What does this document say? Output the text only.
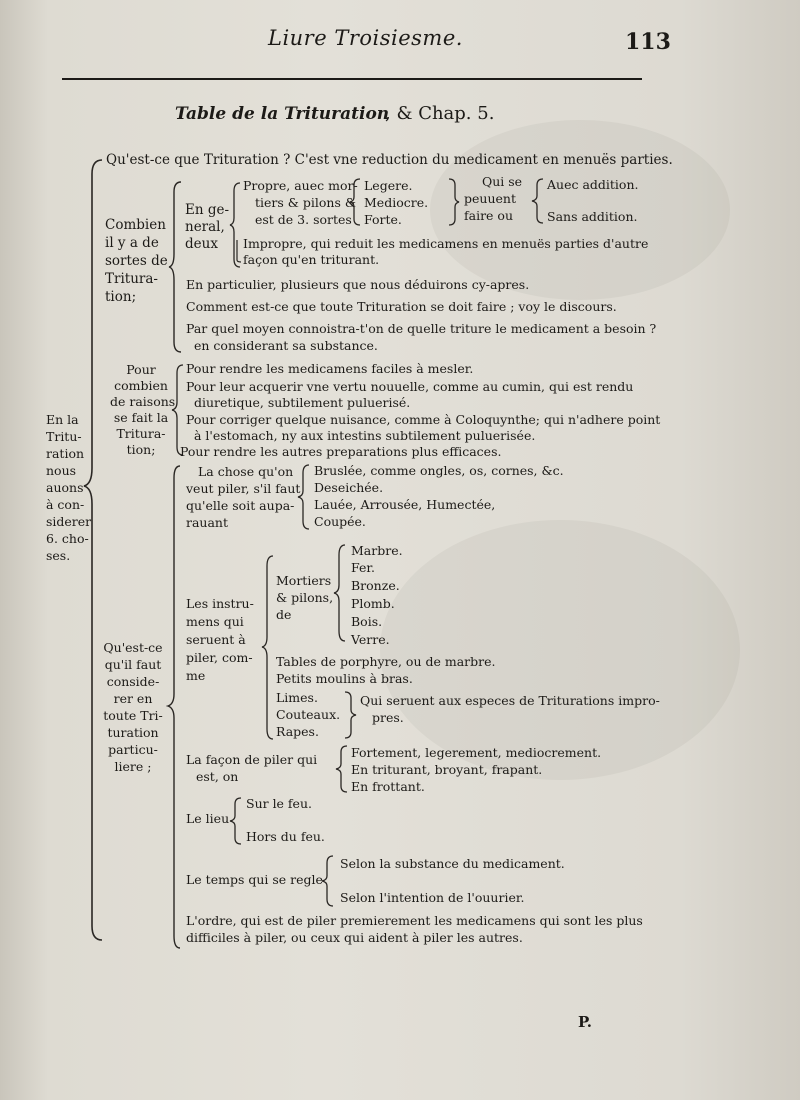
Liure Troisiesme.	113
Table de la Trituration
, & Chap. 5.
En la
Tritu-
ration
nous
auons
à con-
siderer
6. cho-
ses.
Qu'est-ce que Trituration ? C'est vne reduction du medicament en menuës parties.
Combien
il y a de
sortes de
Tritura-
tion;
En ge-
neral,
deux
Propre, auec mor-
tiers & pilons &
est de 3. sortes
Legere.
Mediocre.
Forte.
Qui se
peuuent
faire ou
Auec addition.
Sans addition.
Impropre, qui reduit les medicamens en menuës parties d'autre
façon qu'en triturant.
En particulier, plusieurs que nous déduirons cy-apres.
Comment est-ce que toute Trituration se doit faire ; voy le discours.
Par quel moyen connoistra-t'on de quelle triture le medicament a besoin ?
en considerant sa substance.
Pour
combien
de raisons
se fait la
Tritura-
tion;
Pour rendre les medicamens faciles à mesler.
Pour leur acquerir vne vertu nouuelle, comme au cumin, qui est rendu
diuretique, subtilement puluerisé.
Pour corriger quelque nuisance, comme à Coloquynthe; qui n'adhere point
à l'estomach, ny aux intestins subtilement puluerisée.
Pour rendre les autres preparations plus efficaces.
Qu'est-ce
qu'il faut
conside-
rer en
toute Tri-
turation
particu-
liere ;
La chose qu'on
veut piler, s'il faut
qu'elle soit aupa-
rauant
Bruslée, comme ongles, os, cornes, &c.
Deseichée.
Lauée, Arrousée, Humectée,
Coupée.
Les instru-
mens qui
seruent à
piler, com-
me
Mortiers
& pilons,
de
Marbre.
Fer.
Bronze.
Plomb.
Bois.
Verre.
Tables de porphyre, ou de marbre.
Petits moulins à bras.
Limes.
Couteaux.
Rapes.
Qui seruent aux especes de Triturations impro-
pres.
La façon de piler qui
est, on
Fortement, legerement, mediocrement.
En triturant, broyant, frapant.
En frottant.
Le lieu
Sur le feu.
Hors du feu.
Le temps qui se regle
Selon la substance du medicament.
Selon l'intention de l'ouurier.
L'ordre, qui est de piler premierement les medicamens qui sont les plus
difficiles à piler, ou ceux qui aident à piler les autres.
P.
